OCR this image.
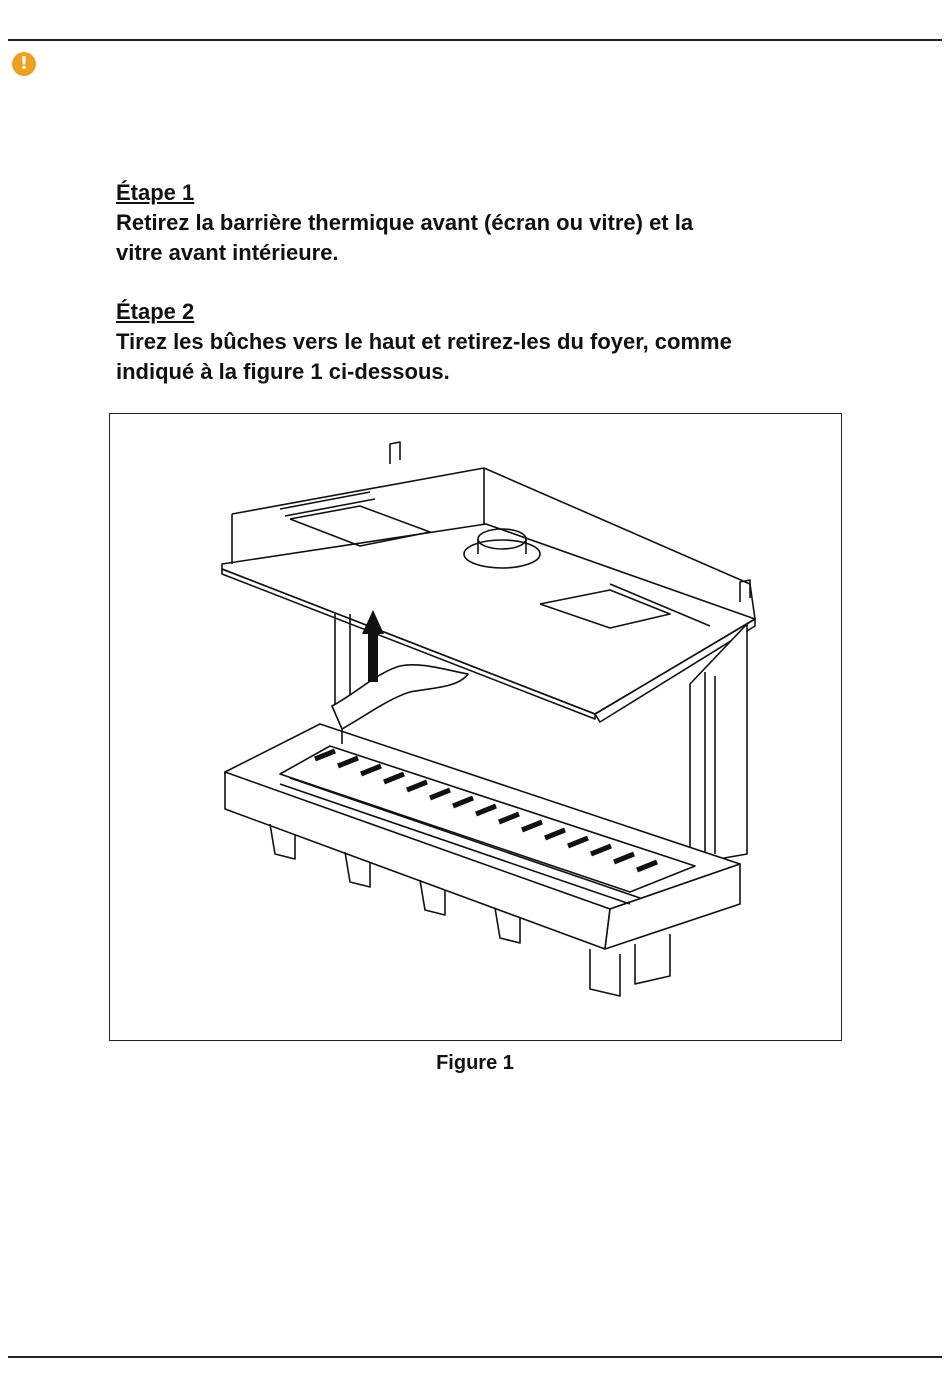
!
Étape 1
Retirez la barrière thermique avant (écran ou vitre) et la
vitre avant intérieure.
Étape 2
Tirez les bûches vers le haut et retirez-les du foyer, comme
indiqué à la figure 1 ci-dessous.
Figure 1
